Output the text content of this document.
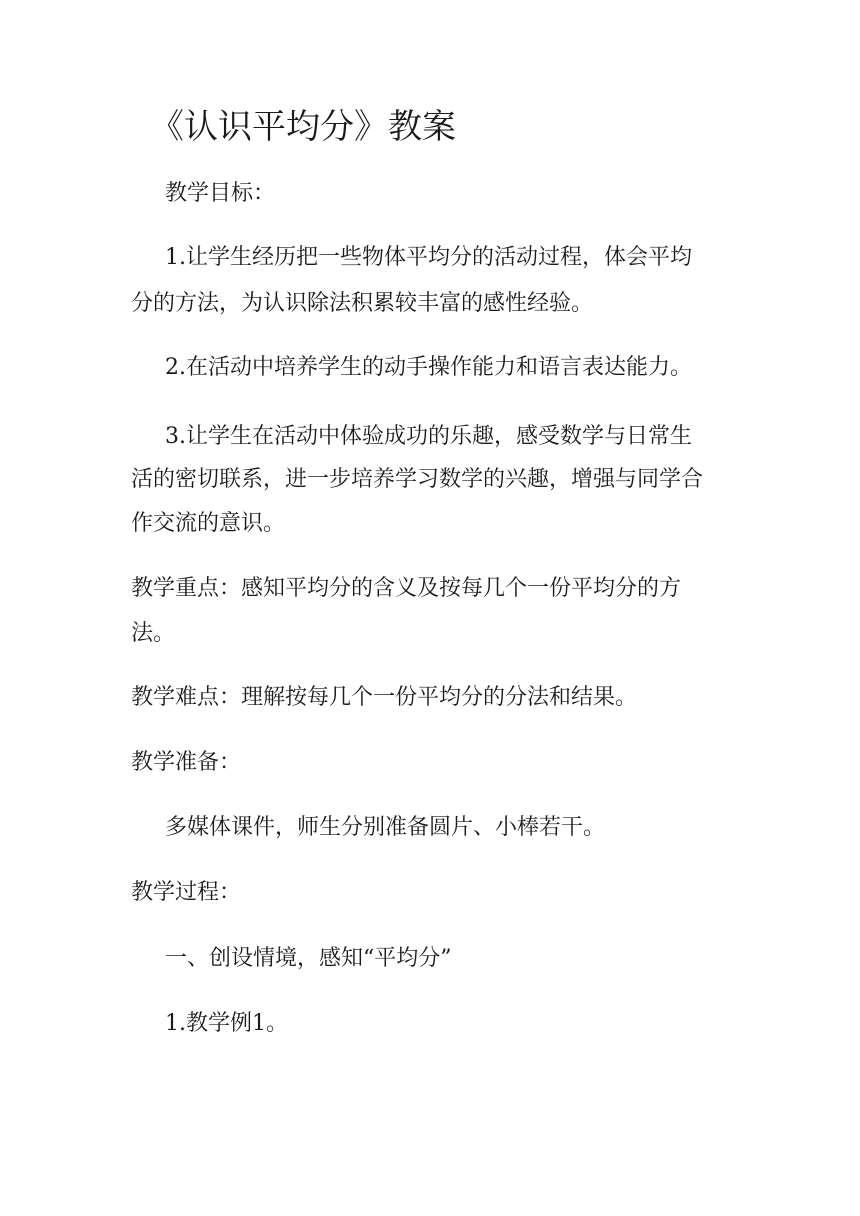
《认识平均分》教案

教学目标：

1.让学生经历把一些物体平均分的活动过程，体会平均

分的方法，为认识除法积累较丰富的感性经验。

2.在活动中培养学生的动手操作能力和语言表达能力。

3.让学生在活动中体验成功的乐趣，感受数学与日常生

活的密切联系，进一步培养学习数学的兴趣，增强与同学合

作交流的意识。

教学重点：感知平均分的含义及按每几个一份平均分的方

法。

教学难点：理解按每几个一份平均分的分法和结果。

教学准备：

多媒体课件，师生分别准备圆片、小棒若干。

教学过程：

一、创设情境，感知“平均分”

1.教学例1。
